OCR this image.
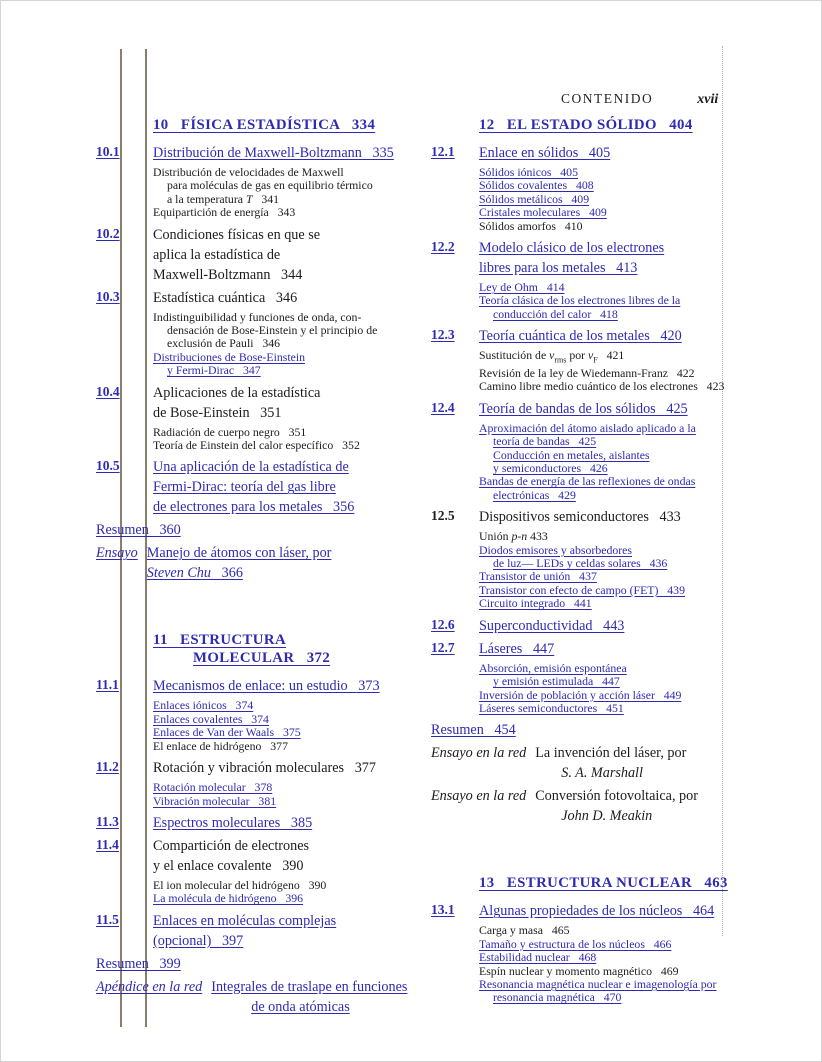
CONTENIDO	xvii
10   FÍSICA ESTADÍSTICA   334
10.1 Distribución de Maxwell-Boltzmann   335
Distribución de velocidades de Maxwell
para moléculas de gas en equilibrio térmico
a la temperatura T   341
Equipartición de energía   343
10.2 Condiciones físicas en que se
aplica la estadística de
Maxwell-Boltzmann   344
10.3 Estadística cuántica   346
Indistinguibilidad y funciones de onda, con-
densación de Bose-Einstein y el principio de
exclusión de Pauli   346
Distribuciones de Bose-Einstein
y Fermi-Dirac   347
10.4 Aplicaciones de la estadística
de Bose-Einstein   351
Radiación de cuerpo negro   351
Teoría de Einstein del calor específico   352
10.5 Una aplicación de la estadística de
Fermi-Dirac: teoría del gas libre
de electrones para los metales   356
Resumen   360
Ensayo Manejo de átomos con láser, por
Steven Chu   366
11   ESTRUCTURA
MOLECULAR   372
11.1 Mecanismos de enlace: un estudio   373
Enlaces iónicos   374
Enlaces covalentes   374
Enlaces de Van der Waals   375
El enlace de hidrógeno   377
11.2 Rotación y vibración moleculares   377
Rotación molecular   378
Vibración molecular   381
11.3 Espectros moleculares   385
11.4 Compartición de electrones
y el enlace covalente   390
El ion molecular del hidrógeno   390
La molécula de hidrógeno   396
11.5 Enlaces en moléculas complejas
(opcional)   397
Resumen   399
Apéndice en la red Integrales de traslape en funciones
de onda atómicas
12   EL ESTADO SÓLIDO   404
12.1 Enlace en sólidos   405
Sólidos iónicos   405
Sólidos covalentes   408
Sólidos metálicos   409
Cristales moleculares   409
Sólidos amorfos   410
12.2 Modelo clásico de los electrones
libres para los metales   413
Ley de Ohm   414
Teoría clásica de los electrones libres de la
conducción del calor   418
12.3 Teoría cuántica de los metales   420
Sustitución de $v_{rms}$ por $v_F$   421
Revisión de la ley de Wiedemann-Franz   422
Camino libre medio cuántico de los electrones   423
12.4 Teoría de bandas de los sólidos   425
Aproximación del átomo aislado aplicado a la
teoría de bandas   425
Conducción en metales, aislantes
y semiconductores   426
Bandas de energía de las reflexiones de ondas
electrónicas   429
12.5 Dispositivos semiconductores   433
Unión p-n 433
Diodos emisores y absorbedores
de luz— LEDs y celdas solares   436
Transistor de unión   437
Transistor con efecto de campo (FET)   439
Circuito integrado   441
12.6 Superconductividad   443
12.7 Láseres   447
Absorción, emisión espontánea
y emisión estimulada   447
Inversión de población y acción láser   449
Láseres semiconductores   451
Resumen   454
Ensayo en la red La invención del láser, por
S. A. Marshall
Ensayo en la red Conversión fotovoltaica, por
John D. Meakin
13   ESTRUCTURA NUCLEAR   463
13.1 Algunas propiedades de los núcleos   464
Carga y masa   465
Tamaño y estructura de los núcleos   466
Estabilidad nuclear   468
Espín nuclear y momento magnético   469
Resonancia magnética nuclear e imagenología por
resonancia magnética   470
